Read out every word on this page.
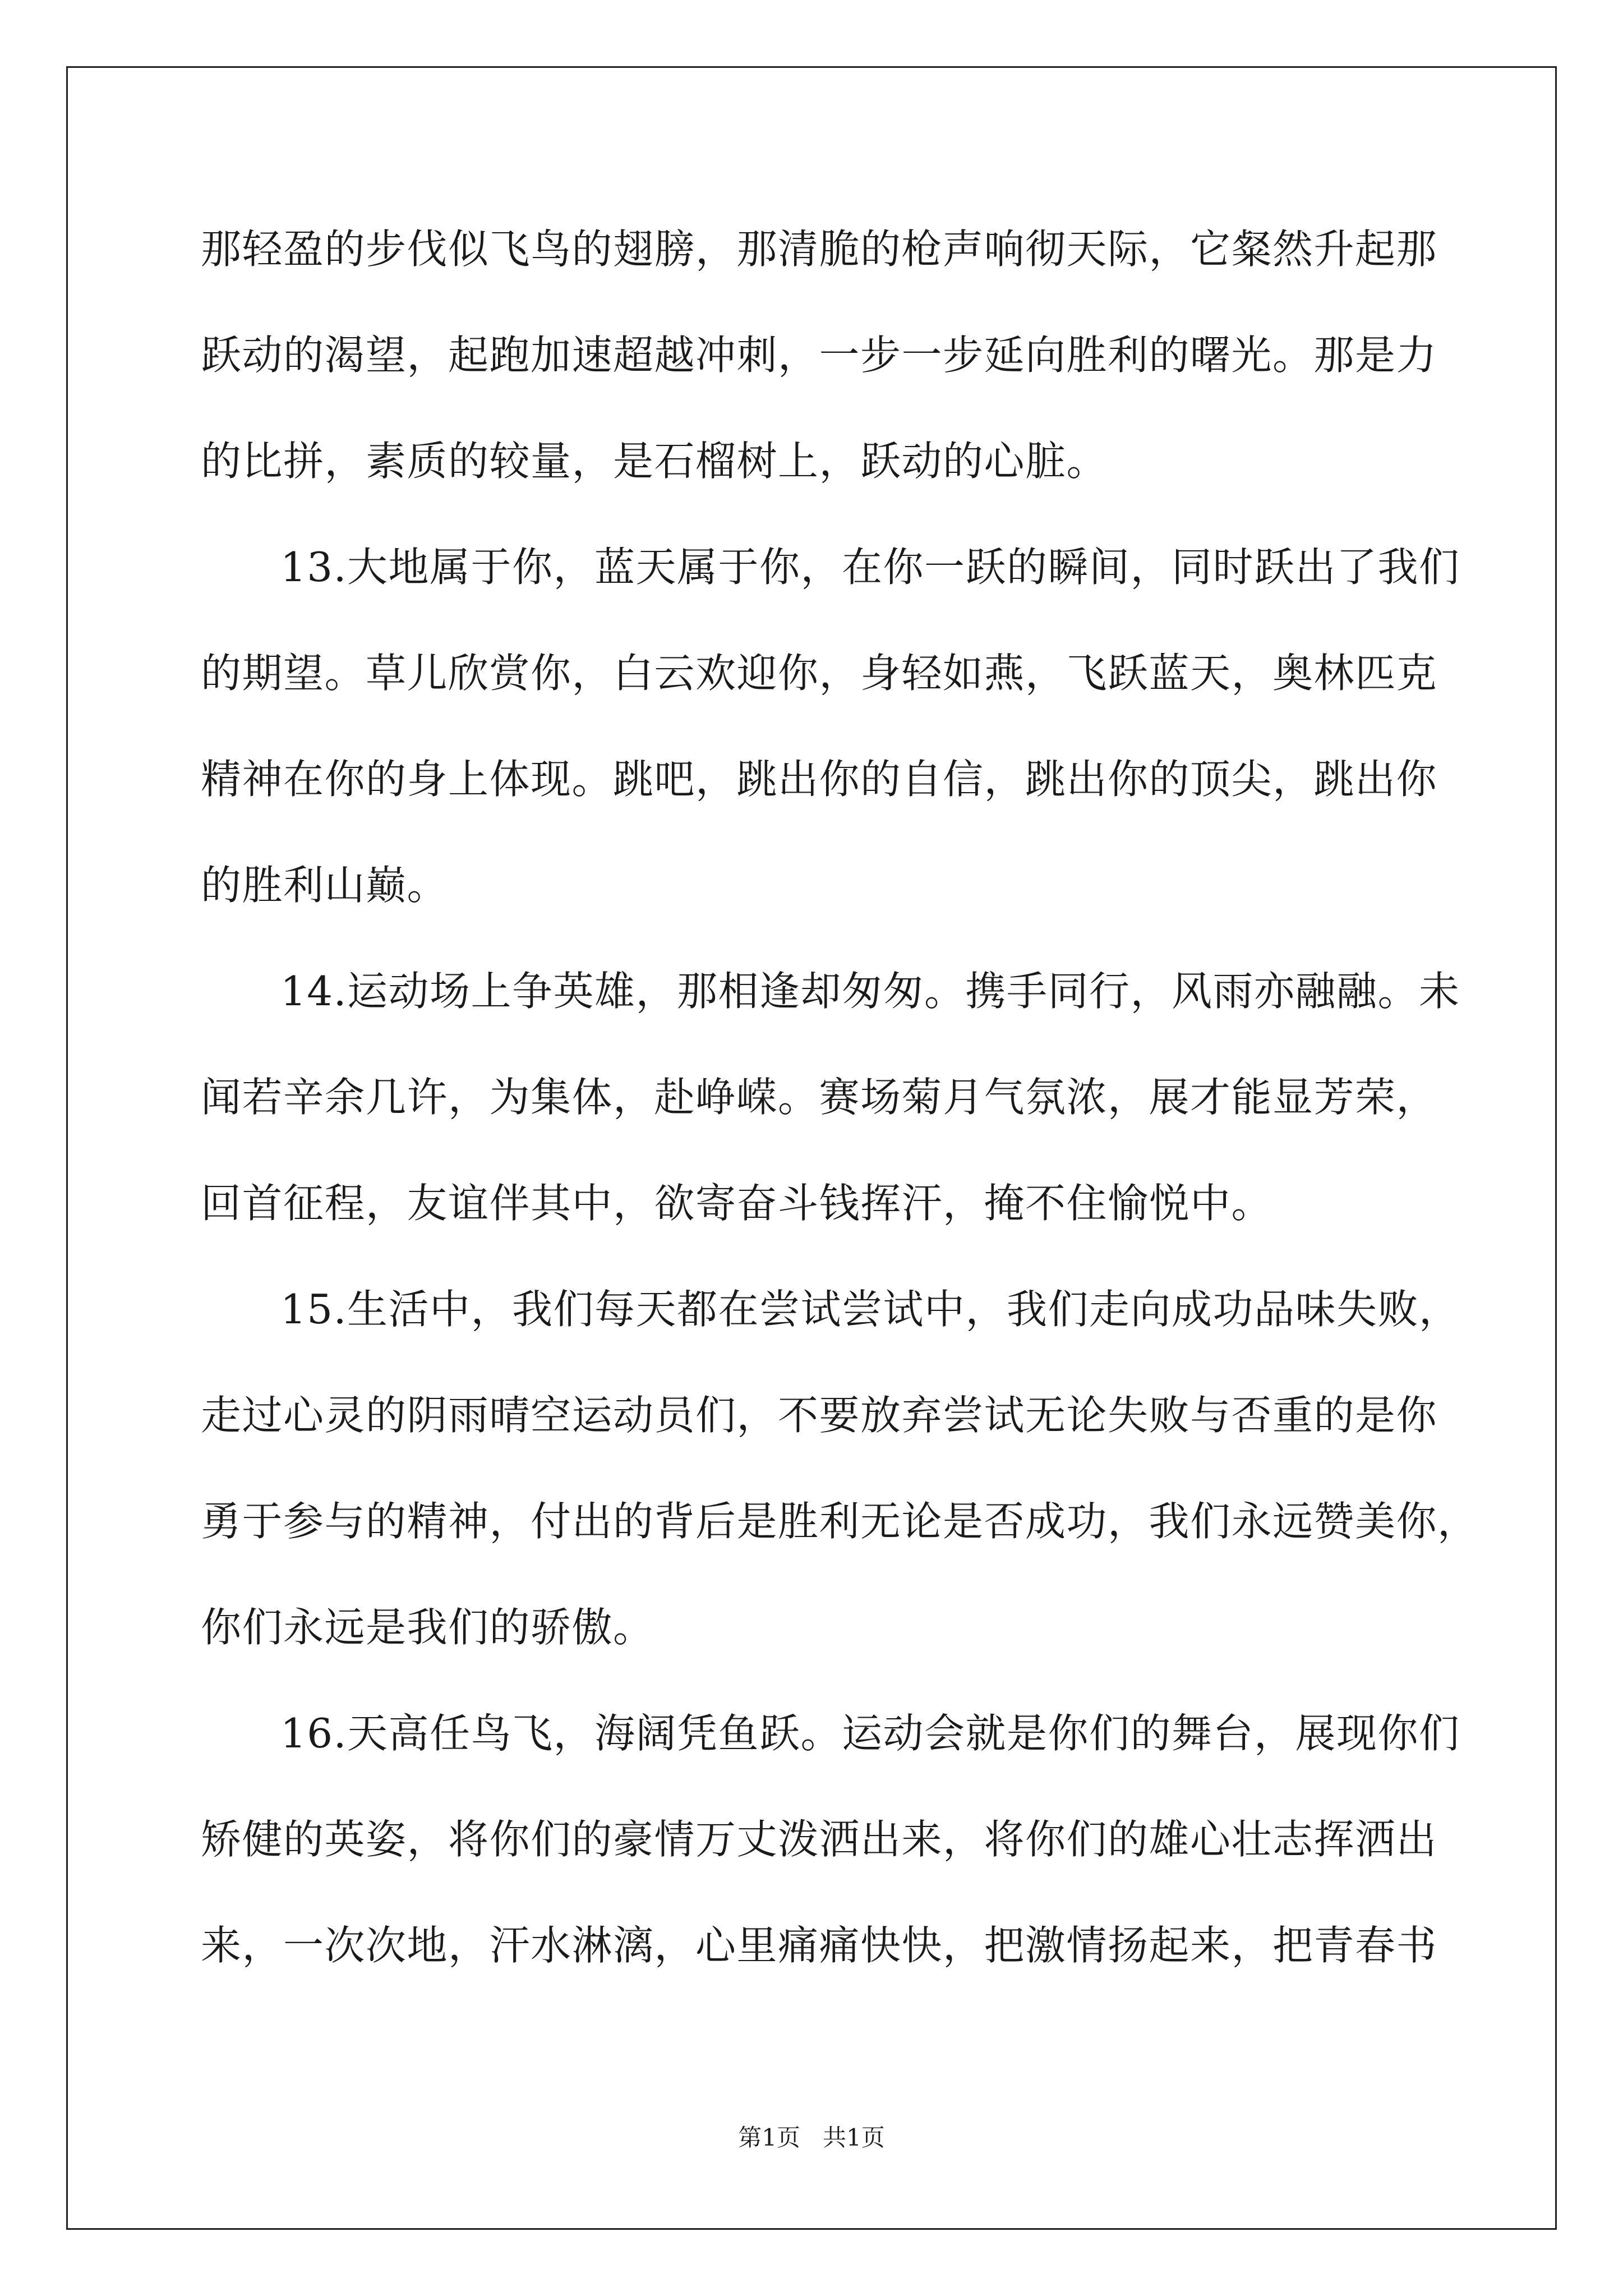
那轻盈的步伐似飞鸟的翅膀，那清脆的枪声响彻天际，它粲然升起那
跃动的渴望，起跑加速超越冲刺，一步一步延向胜利的曙光。那是力
的比拼，素质的较量，是石榴树上，跃动的心脏。
13.大地属于你，蓝天属于你，在你一跃的瞬间，同时跃出了我们
的期望。草儿欣赏你，白云欢迎你，身轻如燕，飞跃蓝天，奥林匹克
精神在你的身上体现。跳吧，跳出你的自信，跳出你的顶尖，跳出你
的胜利山巅。
14.运动场上争英雄，那相逢却匆匆。携手同行，风雨亦融融。未
闻若辛余几许，为集体，赴峥嵘。赛场菊月气氛浓，展才能显芳荣，
回首征程，友谊伴其中，欲寄奋斗钱挥汗，掩不住愉悦中。
15.生活中，我们每天都在尝试尝试中，我们走向成功品味失败，
走过心灵的阴雨晴空运动员们，不要放弃尝试无论失败与否重的是你
勇于参与的精神，付出的背后是胜利无论是否成功，我们永远赞美你，
你们永远是我们的骄傲。
16.天高任鸟飞，海阔凭鱼跃。运动会就是你们的舞台，展现你们
矫健的英姿，将你们的豪情万丈泼洒出来，将你们的雄心壮志挥洒出
来，一次次地，汗水淋漓，心里痛痛快快，把激情扬起来，把青春书
第1页   共1页
